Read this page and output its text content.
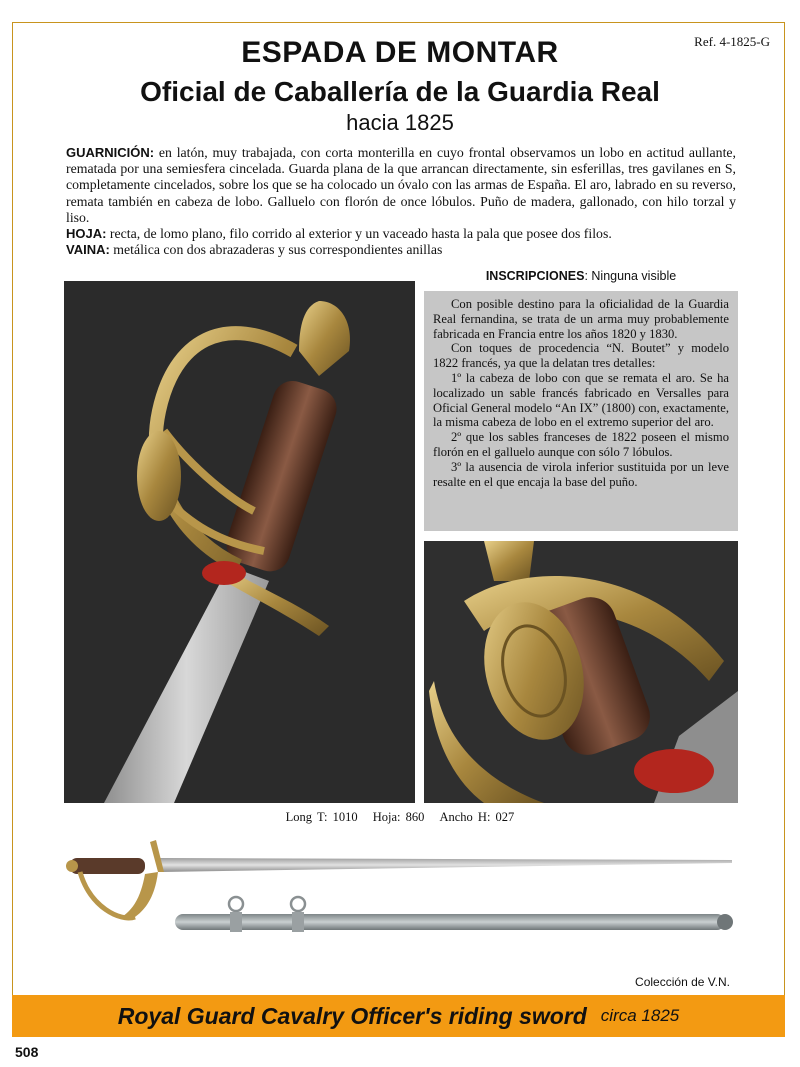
Ref. 4-1825-G
ESPADA DE MONTAR
Oficial de Caballería de la Guardia Real
hacia 1825

GUARNICIÓN: en latón, muy trabajada, con corta monterilla en cuyo frontal observamos un lobo en actitud aullante, rematada por una semiesfera cincelada. Guarda plana de la que arrancan directamente, sin esferillas, tres gavilanes en S, completamente cincelados, sobre los que se ha colocado un óvalo con las armas de España. El aro, labrado en su reverso, remata también en cabeza de lobo. Galluelo con florón de once lóbulos. Puño de madera, gallonado, con hilo torzal y liso.

HOJA: recta, de lomo plano, filo corrido al exterior y un vaceado hasta la pala que posee dos filos.

VAINA: metálica con dos abrazaderas y sus correspondientes anillas

INSCRIPCIONES: Ninguna visible

Con posible destino para la oficialidad de la Guardia Real fernandina, se trata de un arma muy probablemente fabricada en Francia entre los años 1820 y 1830.

Con toques de procedencia “N. Boutet” y modelo 1822 francés, ya que la delatan tres detalles:

1º la cabeza de lobo con que se remata el aro. Se ha localizado un sable francés fabricado en Versalles para Oficial General modelo “An IX” (1800) con, exactamente, la misma cabeza de lobo en el extremo superior del aro.

2º que los sables franceses de 1822 poseen el mismo florón en el galluelo aunque con sólo 7 lóbulos.

3º la ausencia de virola inferior sustituida por un leve resalte en el que encaja la base del puño.

Long T: 1010 Hoja: 860 Ancho H: 027
Colección de V.N.
Royal Guard Cavalry Officer's riding sword circa 1825
508
